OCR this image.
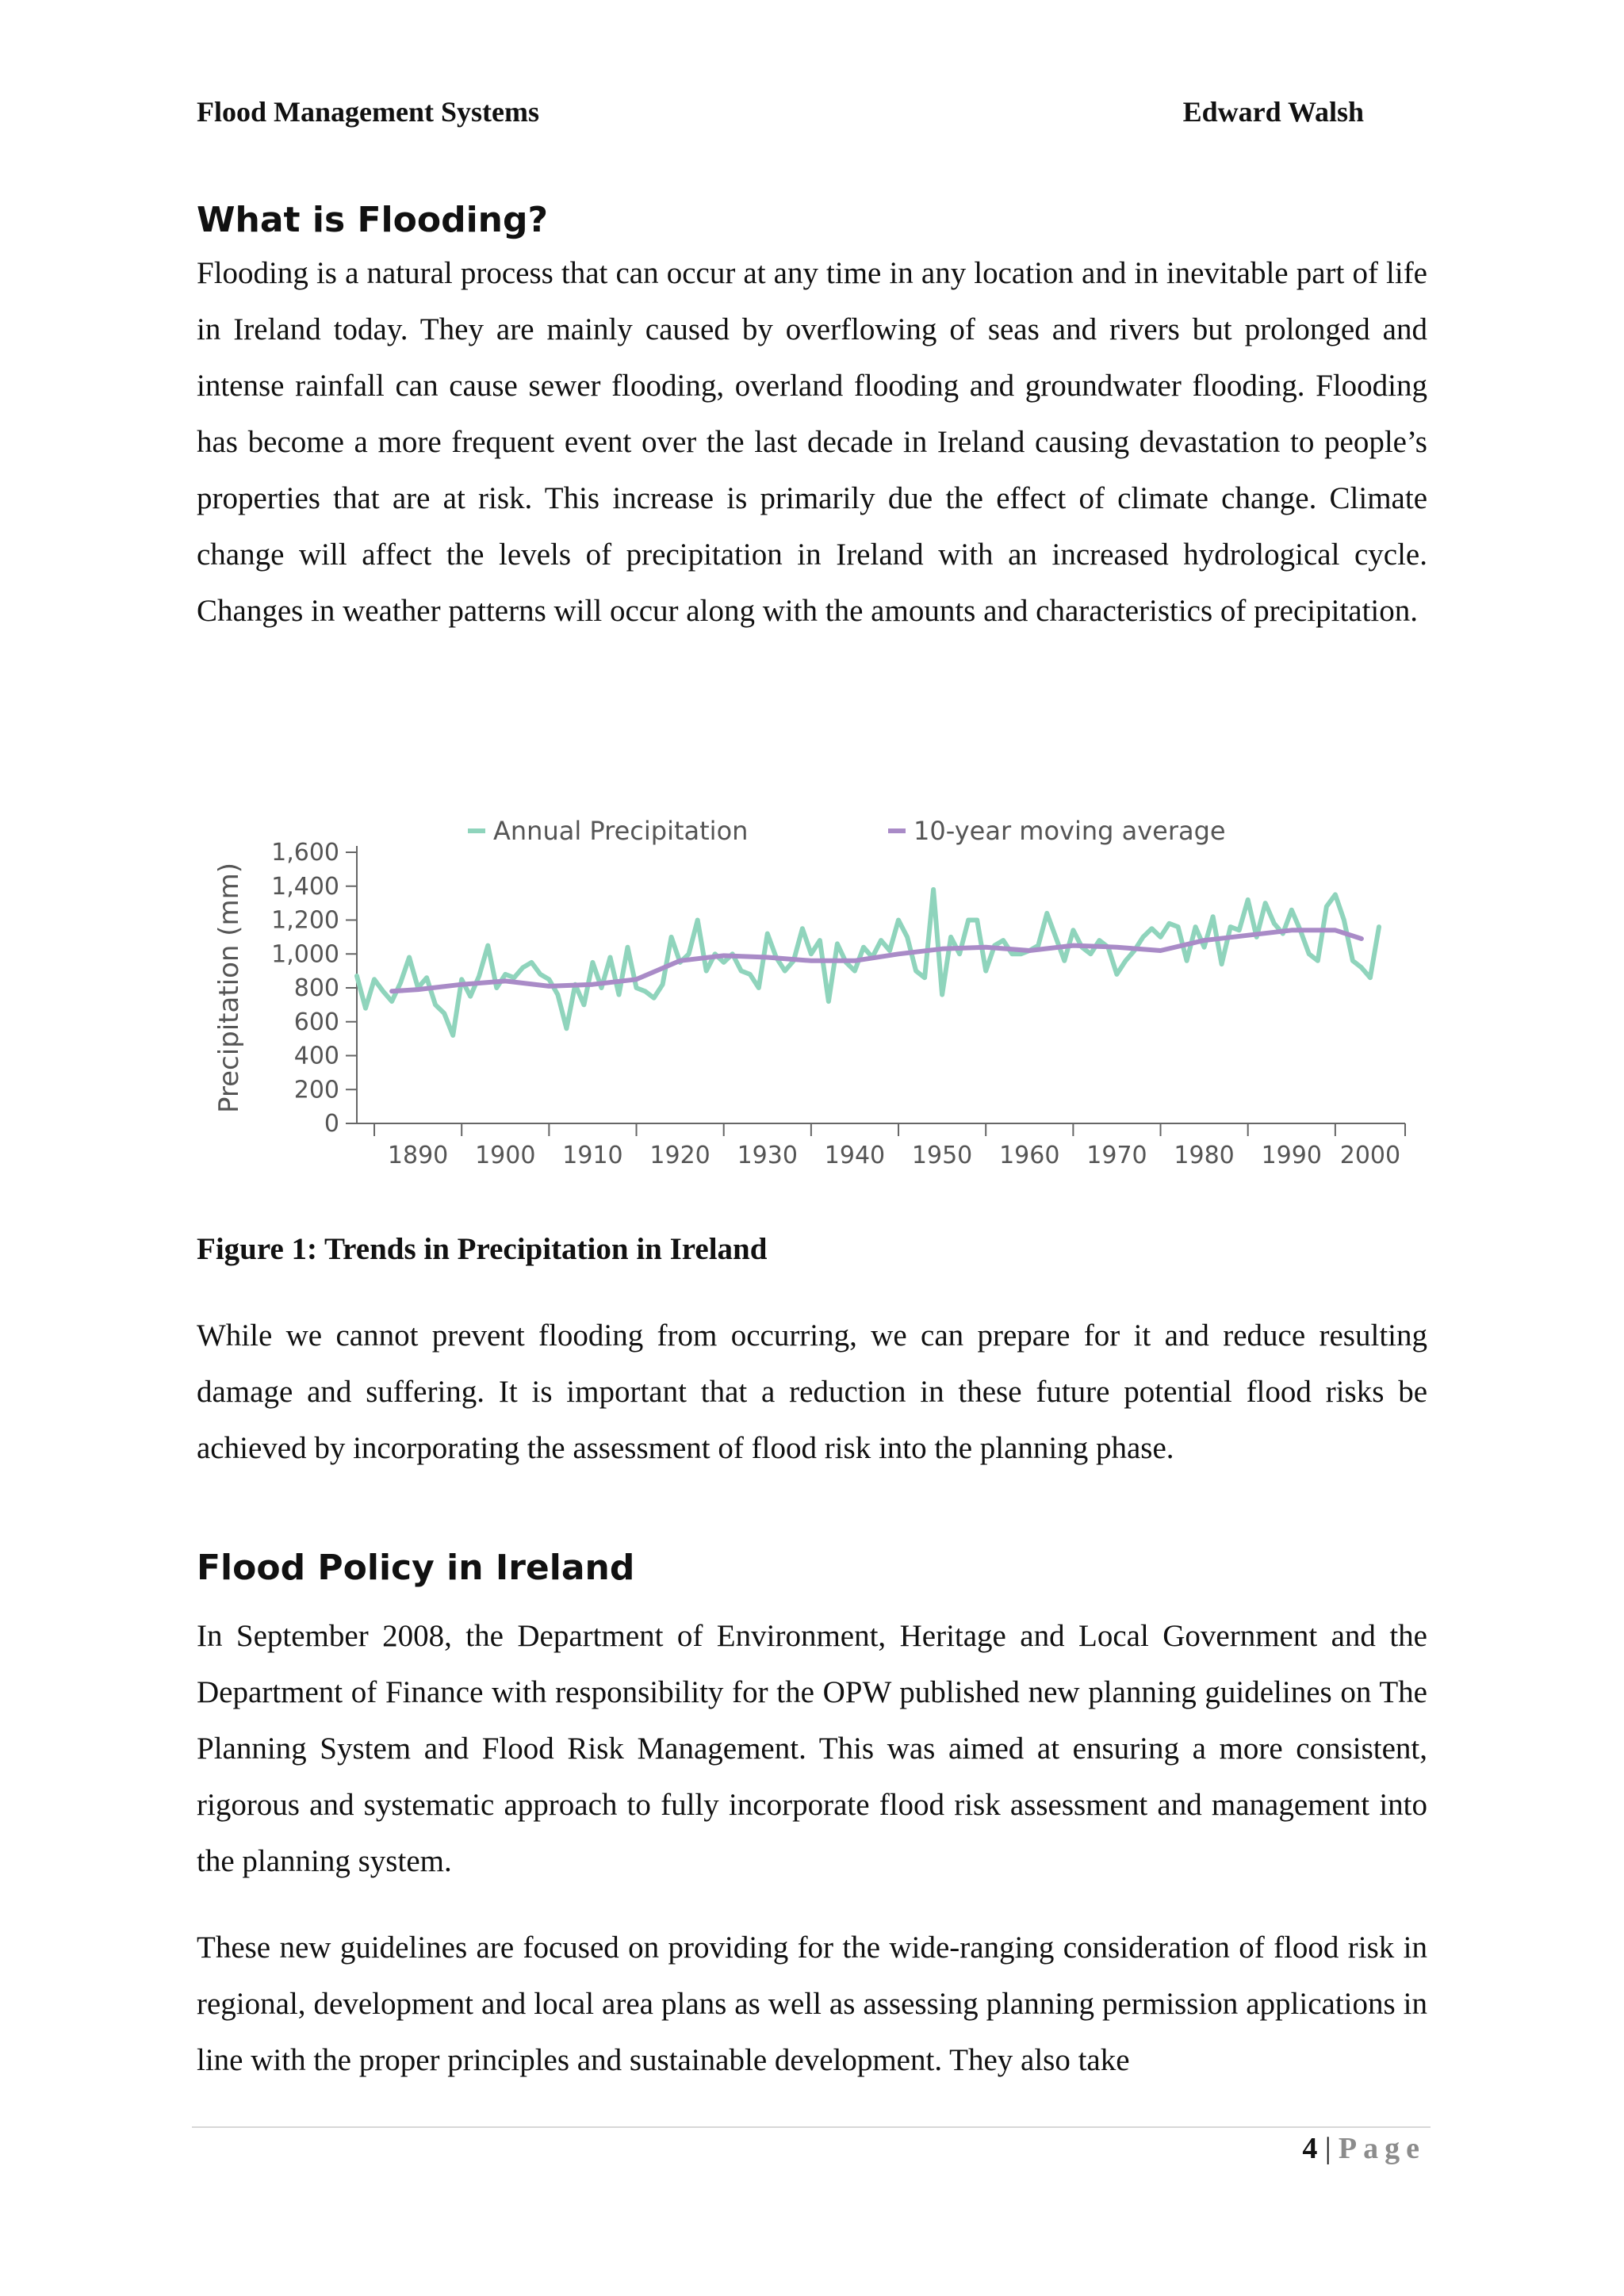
Flood Management Systems	Edward Walsh
What is Flooding?

Flooding is a natural process that can occur at any time in any location and in inevitable part of life in Ireland today. They are mainly caused by overflowing of seas and rivers but prolonged and intense rainfall can cause sewer flooding, overland flooding and groundwater flooding. Flooding has become a more frequent event over the last decade in Ireland causing devastation to people’s properties that are at risk. This increase is primarily due the effect of climate change. Climate change will affect the levels of precipitation in Ireland with an increased hydrological cycle. Changes in weather patterns will occur along with the amounts and characteristics of precipitation.

0
200
400
600
800
1,000
1,200
1,400
1,600
1890 1900 1910 1920 1930 1940 1950 1960 1970 1980 1990 2000
Precipitation (mm)
Annual Precipitation	10-year moving average

Figure 1: Trends in Precipitation in Ireland

While we cannot prevent flooding from occurring, we can prepare for it and reduce resulting damage and suffering. It is important that a reduction in these future potential flood risks be achieved by incorporating the assessment of flood risk into the planning phase.

Flood Policy in Ireland

In September 2008, the Department of Environment, Heritage and Local Government and the Department of Finance with responsibility for the OPW published new planning guidelines on The Planning System and Flood Risk Management. This was aimed at ensuring a more consistent, rigorous and systematic approach to fully incorporate flood risk assessment and management into the planning system.

These new guidelines are focused on providing for the wide-ranging consideration of flood risk in regional, development and local area plans as well as assessing planning permission applications in line with the proper principles and sustainable development. They also take

4 | Page
